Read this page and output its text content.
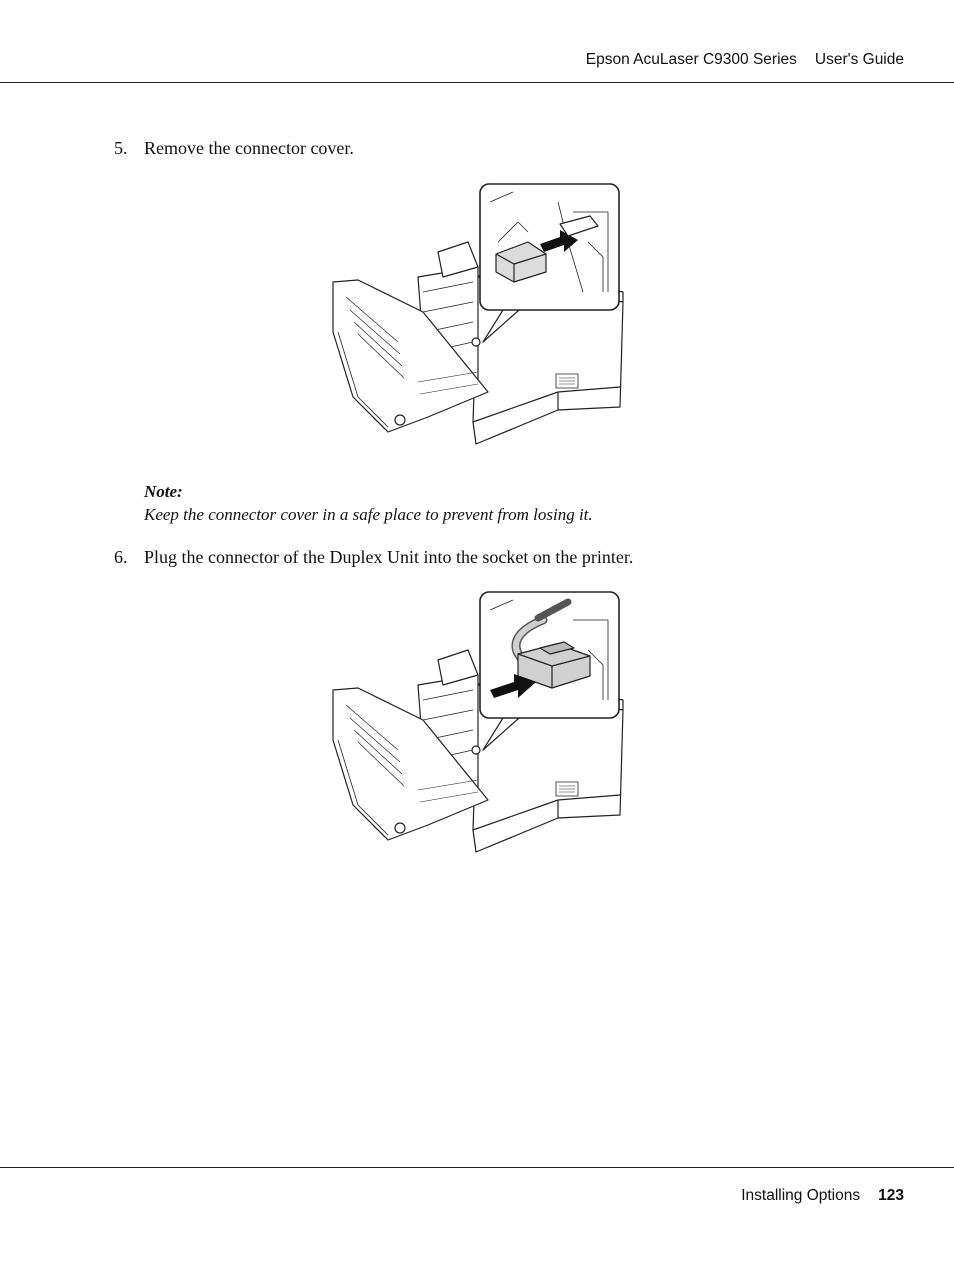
Epson AcuLaser C9300 Series User's Guide
5. Remove the connector cover.
Note:
Keep the connector cover in a safe place to prevent from losing it.
6. Plug the connector of the Duplex Unit into the socket on the printer.
Installing Options 123
